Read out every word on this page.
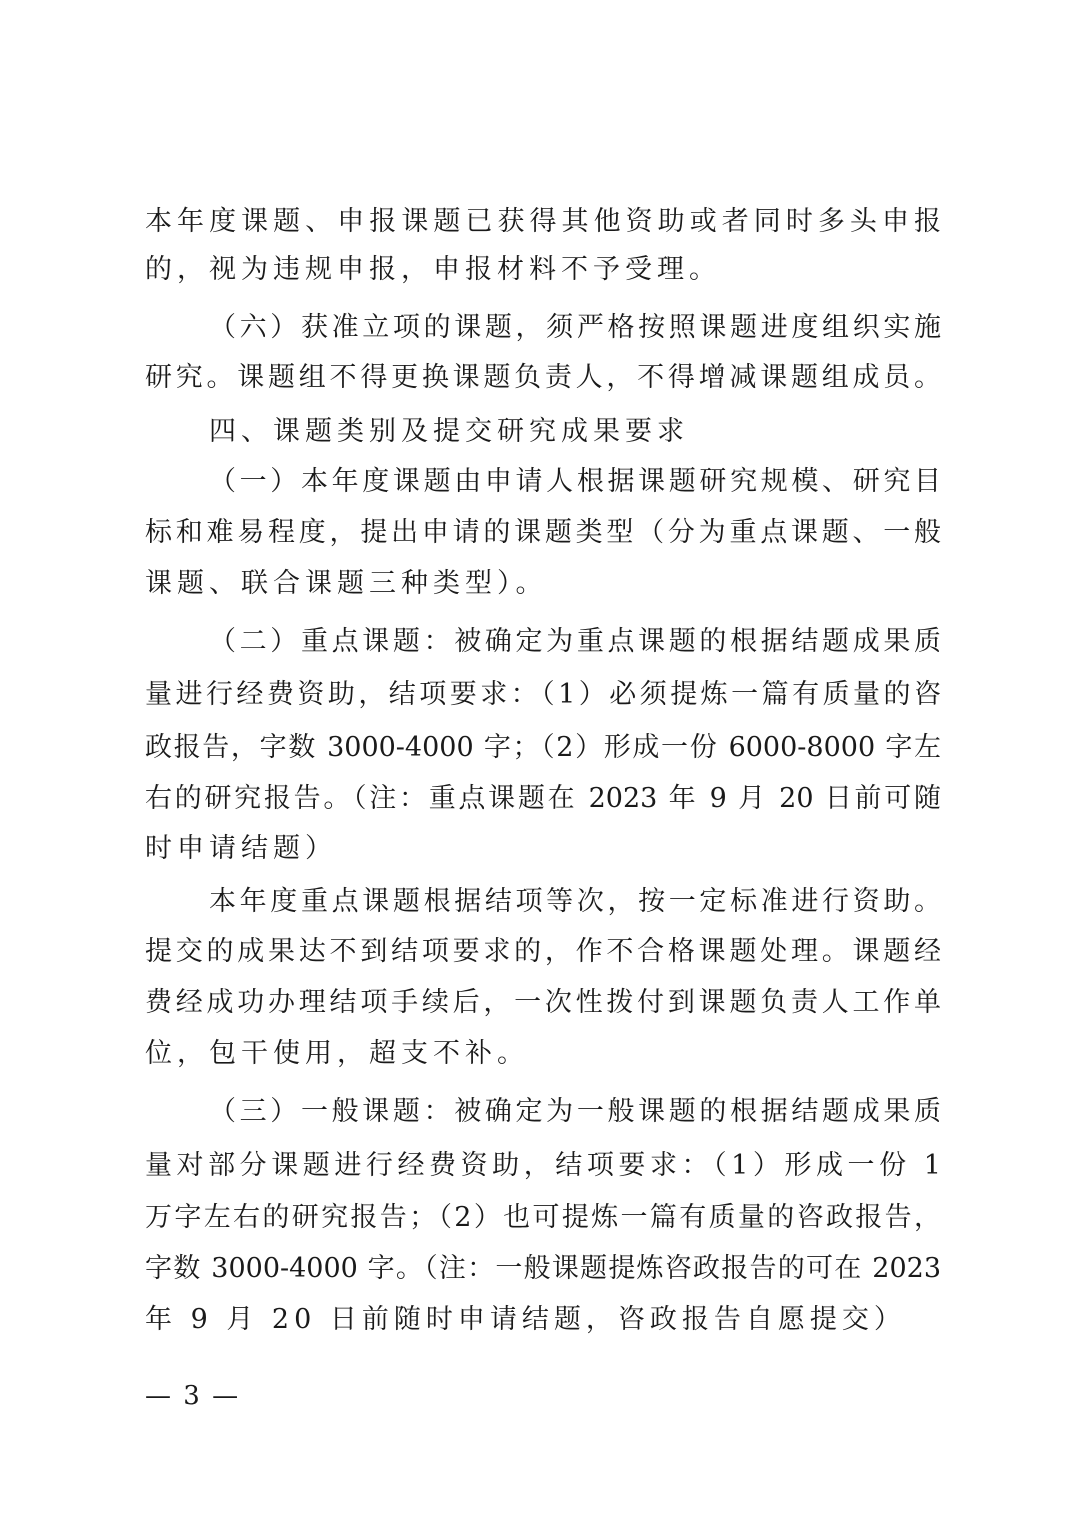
本年度课题、申报课题已获得其他资助或者同时多头申报
的，视为违规申报，申报材料不予受理。
（六）获准立项的课题，须严格按照课题进度组织实施
研究。课题组不得更换课题负责人，不得增减课题组成员。
四、课题类别及提交研究成果要求
（一）本年度课题由申请人根据课题研究规模、研究目
标和难易程度，提出申请的课题类型（分为重点课题、一般
课题、联合课题三种类型）。
（二）重点课题：被确定为重点课题的根据结题成果质
量进行经费资助，结项要求：（1）必须提炼一篇有质量的咨
政报告，字数 3000-4000 字；（2）形成一份 6000-8000 字左
右的研究报告。（注：重点课题在 2023 年 9 月 20 日前可随
时申请结题）
本年度重点课题根据结项等次，按一定标准进行资助。
提交的成果达不到结项要求的，作不合格课题处理。课题经
费经成功办理结项手续后，一次性拨付到课题负责人工作单
位，包干使用，超支不补。
（三）一般课题：被确定为一般课题的根据结题成果质
量对部分课题进行经费资助，结项要求：（1）形成一份 1
万字左右的研究报告；（2）也可提炼一篇有质量的咨政报告，
字数 3000-4000 字。（注：一般课题提炼咨政报告的可在 2023
年 9 月 20 日前随时申请结题，咨政报告自愿提交）
— 3 —
